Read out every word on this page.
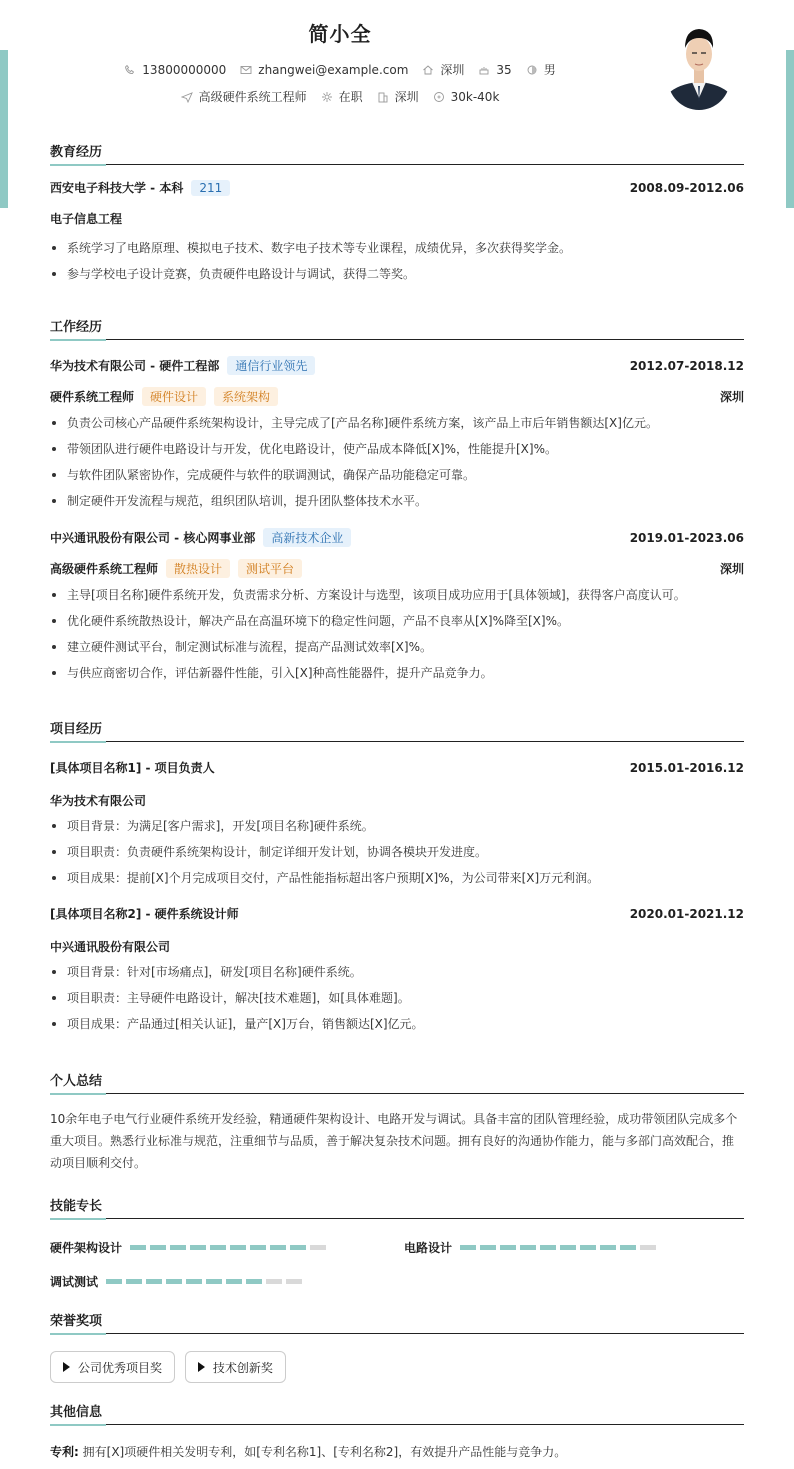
简小全
13800000000	zhangwei@example.com	深圳	35	男
高级硬件系统工程师	在职	深圳	30k-40k
教育经历
西安电子科技大学 - 本科	211	2008.09-2012.06
电子信息工程
系统学习了电路原理、模拟电子技术、数字电子技术等专业课程，成绩优异，多次获得奖学金。
参与学校电子设计竞赛，负责硬件电路设计与调试，获得二等奖。
工作经历
华为技术有限公司 - 硬件工程部	通信行业领先	2012.07-2018.12
硬件系统工程师	硬件设计	系统架构	深圳
负责公司核心产品硬件系统架构设计，主导完成了[产品名称]硬件系统方案，该产品上市后年销售额达[X]亿元。
带领团队进行硬件电路设计与开发，优化电路设计，使产品成本降低[X]%，性能提升[X]%。
与软件团队紧密协作，完成硬件与软件的联调测试，确保产品功能稳定可靠。
制定硬件开发流程与规范，组织团队培训，提升团队整体技术水平。
中兴通讯股份有限公司 - 核心网事业部	高新技术企业	2019.01-2023.06
高级硬件系统工程师	散热设计	测试平台	深圳
主导[项目名称]硬件系统开发，负责需求分析、方案设计与选型，该项目成功应用于[具体领域]，获得客户高度认可。
优化硬件系统散热设计，解决产品在高温环境下的稳定性问题，产品不良率从[X]%降至[X]%。
建立硬件测试平台，制定测试标准与流程，提高产品测试效率[X]%。
与供应商密切合作，评估新器件性能，引入[X]种高性能器件，提升产品竞争力。
项目经历
[具体项目名称1] - 项目负责人	2015.01-2016.12
华为技术有限公司
项目背景：为满足[客户需求]，开发[项目名称]硬件系统。
项目职责：负责硬件系统架构设计，制定详细开发计划，协调各模块开发进度。
项目成果：提前[X]个月完成项目交付，产品性能指标超出客户预期[X]%，为公司带来[X]万元利润。
[具体项目名称2] - 硬件系统设计师	2020.01-2021.12
中兴通讯股份有限公司
项目背景：针对[市场痛点]，研发[项目名称]硬件系统。
项目职责：主导硬件电路设计，解决[技术难题]，如[具体难题]。
项目成果：产品通过[相关认证]，量产[X]万台，销售额达[X]亿元。
个人总结

10余年电子电气行业硬件系统开发经验，精通硬件架构设计、电路开发与调试。具备丰富的团队管理经验，成功带领团队完成多个重大项目。熟悉行业标准与规范，注重细节与品质，善于解决复杂技术问题。拥有良好的沟通协作能力，能与多部门高效配合，推动项目顺利交付。

技能专长
硬件架构设计	电路设计
调试测试
荣誉奖项
公司优秀项目奖
	技术创新奖
其他信息

专利: 拥有[X]项硬件相关发明专利，如[专利名称1]、[专利名称2]，有效提升产品性能与竞争力。
